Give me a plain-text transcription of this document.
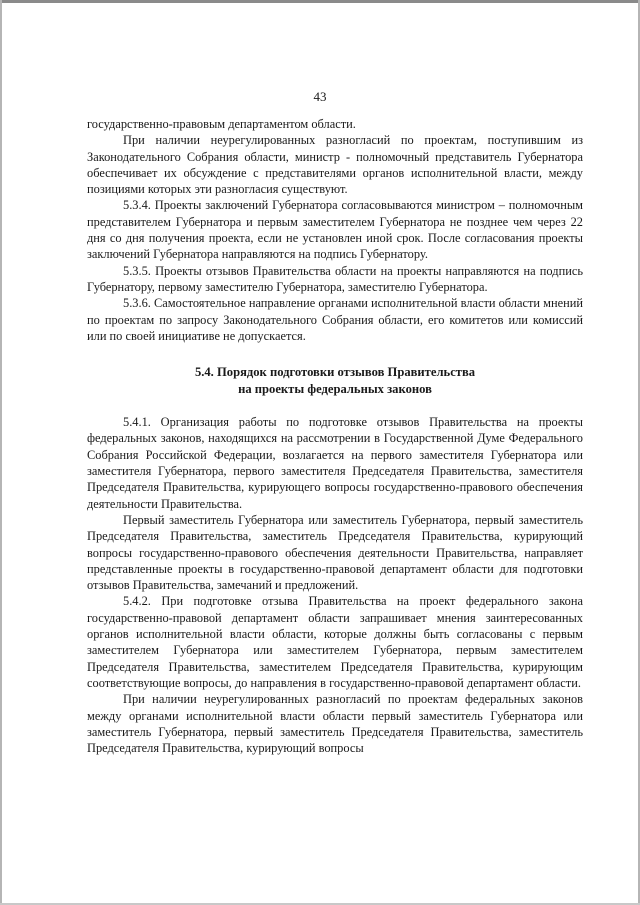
43

государственно-правовым департаментом области.

При наличии неурегулированных разногласий по проектам, поступившим из Законодательного Собрания области, министр - полномочный представитель Губернатора обеспечивает их обсуждение с представителями органов исполнительной власти, между позициями которых эти разногласия существуют.

5.3.4. Проекты заключений Губернатора согласовываются министром – полномочным представителем Губернатора и первым заместителем Губернатора не позднее чем через 22 дня со дня получения проекта, если не установлен иной срок. После согласования проекты заключений Губернатора направляются на подпись Губернатору.

5.3.5. Проекты отзывов Правительства области на проекты направляются на подпись Губернатору, первому заместителю Губернатора, заместителю Губернатора.

5.3.6. Самостоятельное направление органами исполнительной власти области мнений по проектам по запросу Законодательного Собрания области, его комитетов или комиссий или по своей инициативе не допускается.

5.4. Порядок подготовки отзывов Правительства
на проекты федеральных законов

5.4.1. Организация работы по подготовке отзывов Правительства на проекты федеральных законов, находящихся на рассмотрении в Государственной Думе Федерального Собрания Российской Федерации, возлагается на первого заместителя Губернатора или заместителя Губернатора, первого заместителя Председателя Правительства, заместителя Председателя Правительства, курирующего вопросы государственно-правового обеспечения деятельности Правительства.

Первый заместитель Губернатора или заместитель Губернатора, первый заместитель Председателя Правительства, заместитель Председателя Правительства, курирующий вопросы государственно-правового обеспечения деятельности Правительства, направляет представленные проекты в государственно-правовой департамент области для подготовки отзывов Правительства, замечаний и предложений.

5.4.2. При подготовке отзыва Правительства на проект федерального закона государственно-правовой департамент области запрашивает мнения заинтересованных органов исполнительной власти области, которые должны быть согласованы с первым заместителем Губернатора или заместителем Губернатора, первым заместителем Председателя Правительства, заместителем Председателя Правительства, курирующим соответствующие вопросы, до направления в государственно-правовой департамент области.

При наличии неурегулированных разногласий по проектам федеральных законов между органами исполнительной власти области первый заместитель Губернатора или заместитель Губернатора, первый заместитель Председателя Правительства, заместитель Председателя Правительства, курирующий вопросы
